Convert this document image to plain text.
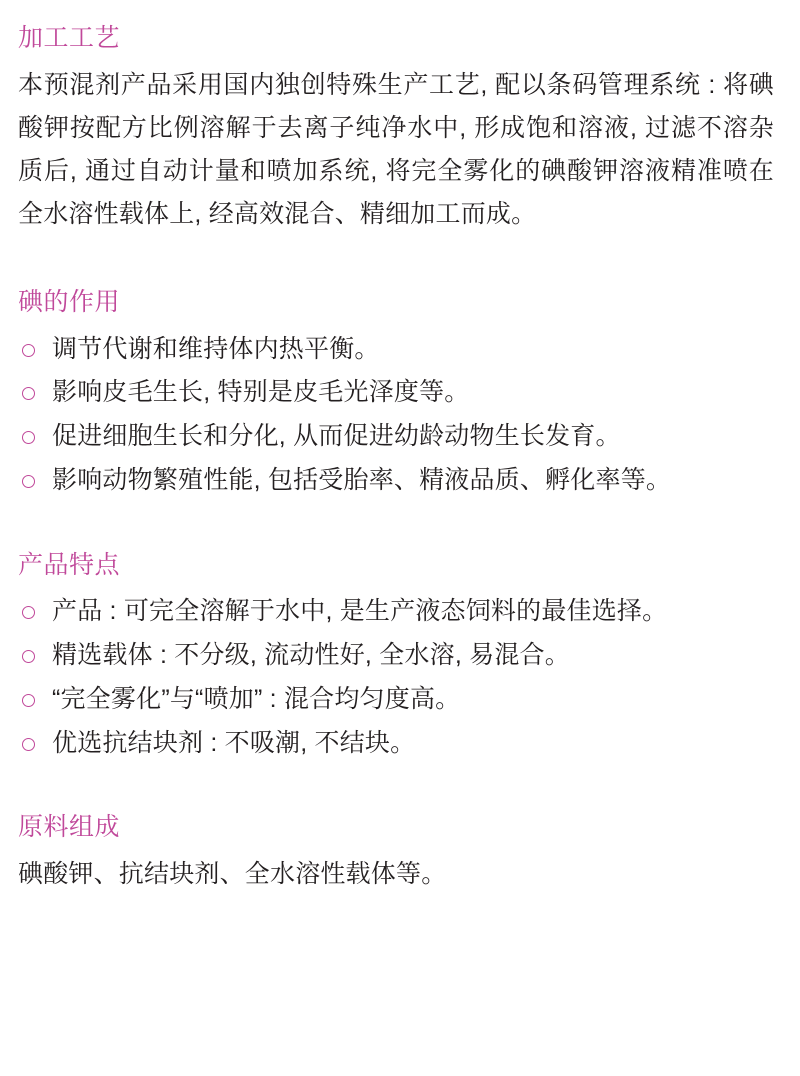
加工工艺

本预混剂产品采用国内独创特殊生产工艺, 配以条码管理系统 : 将碘酸钾按配方比例溶解于去离子纯净水中, 形成饱和溶液, 过滤不溶杂质后, 通过自动计量和喷加系统, 将完全雾化的碘酸钾溶液精准喷在全水溶性载体上, 经高效混合、精细加工而成。

碘的作用
调节代谢和维持体内热平衡。
影响皮毛生长, 特别是皮毛光泽度等。
促进细胞生长和分化, 从而促进幼龄动物生长发育。
影响动物繁殖性能, 包括受胎率、精液品质、孵化率等。
产品特点
产品 : 可完全溶解于水中, 是生产液态饲料的最佳选择。
精选载体 : 不分级, 流动性好, 全水溶, 易混合。
“完全雾化”与“喷加” : 混合均匀度高。
优选抗结块剂 : 不吸潮, 不结块。
原料组成

碘酸钾、抗结块剂、全水溶性载体等。
